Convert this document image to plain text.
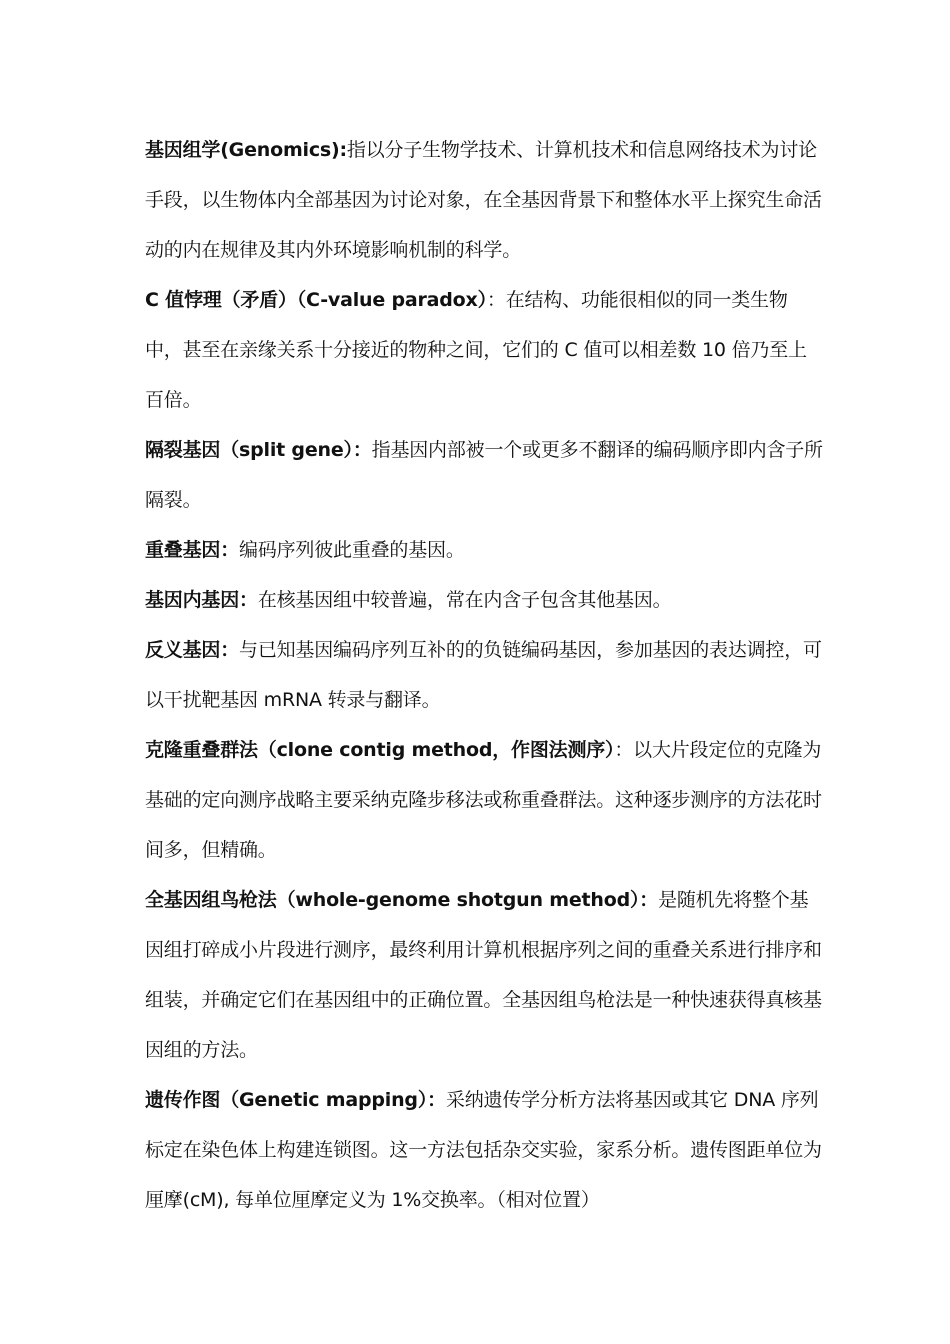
基因组学(Genomics):指以分子生物学技术、计算机技术和信息网络技术为讨论手段，以生物体内全部基因为讨论对象，在全基因背景下和整体水平上探究生命活动的内在规律及其内外环境影响机制的科学。

C 值悖理（矛盾）（C-value paradox）：在结构、功能很相似的同一类生物中，甚至在亲缘关系十分接近的物种之间，它们的 C 值可以相差数 10 倍乃至上百倍。

隔裂基因（split gene）：指基因内部被一个或更多不翻译的编码顺序即内含子所隔裂。

重叠基因：编码序列彼此重叠的基因。

基因内基因：在核基因组中较普遍，常在内含子包含其他基因。

反义基因：与已知基因编码序列互补的的负链编码基因，参加基因的表达调控，可以干扰靶基因 mRNA 转录与翻译。

克隆重叠群法（clone contig method，作图法测序）：以大片段定位的克隆为基础的定向测序战略主要采纳克隆步移法或称重叠群法。这种逐步测序的方法花时间多，但精确。

全基因组鸟枪法（whole-genome shotgun method）：是随机先将整个基因组打碎成小片段进行测序，最终利用计算机根据序列之间的重叠关系进行排序和组装，并确定它们在基因组中的正确位置。全基因组鸟枪法是一种快速获得真核基因组的方法。

遗传作图（Genetic mapping）：采纳遗传学分析方法将基因或其它 DNA 序列标定在染色体上构建连锁图。这一方法包括杂交实验，家系分析。遗传图距单位为厘摩(cM), 每单位厘摩定义为 1%交换率。（相对位置）
